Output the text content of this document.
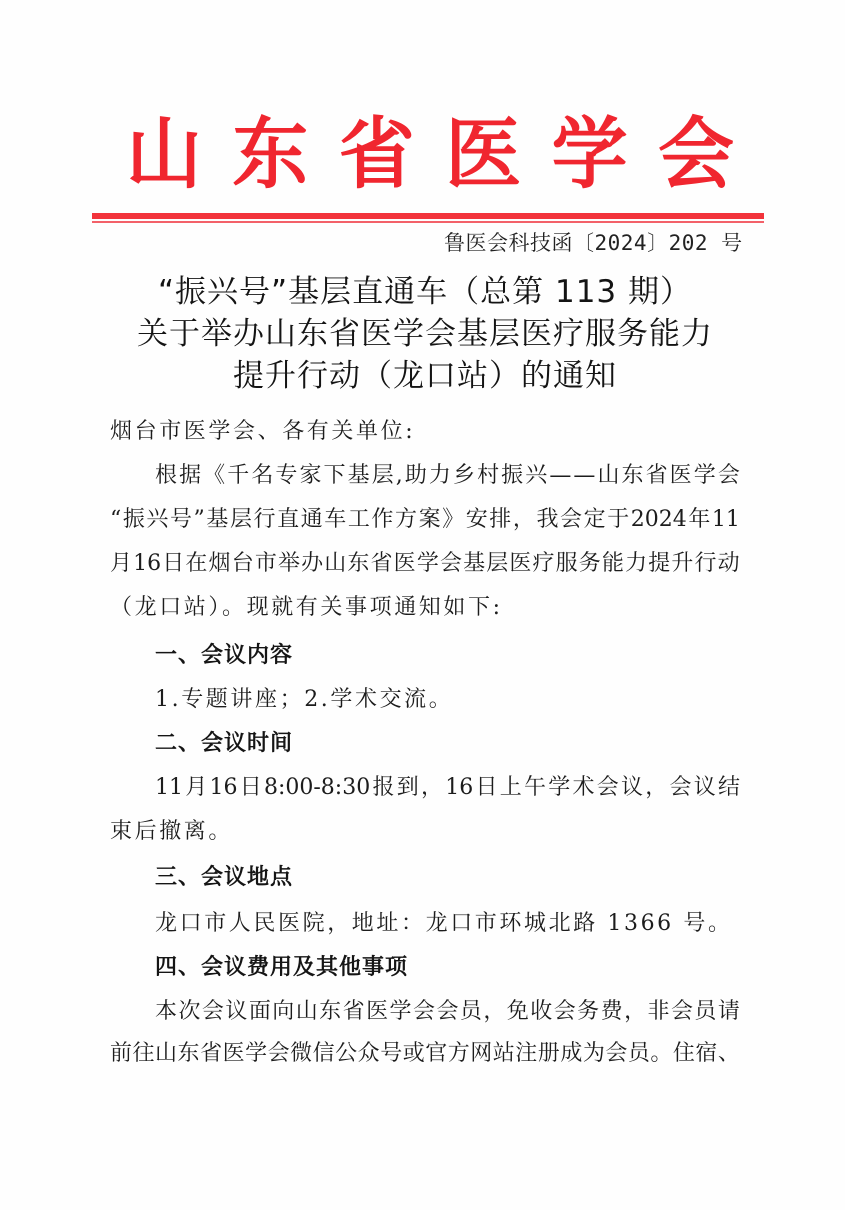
山 东 省 医 学 会
鲁医会科技函〔2024〕202 号
“振兴号”基层直通车（总第 113 期）
关于举办山东省医学会基层医疗服务能力
提升行动（龙口站）的通知
烟台市医学会、各有关单位:
根 据 《 千 名 专 家 下 基 层 , 助 力 乡 村 振 兴 — — 山 东 省 医 学 会
“ 振 兴 号 ” 基 层 行 直 通 车 工 作 方 案 》 安 排 ， 我 会 定 于 2024 年 11
月 16 日 在 烟 台 市 举 办 山 东 省 医 学 会 基 层 医 疗 服 务 能 力 提 升 行 动
（龙口站）。现就有关事项通知如下:
一、会议内容
1.专题讲座；2.学术交流。
二、会议时间
11 月 16 日 8:00-8:30 报 到 ， 16 日 上 午 学 术 会 议 ， 会 议 结
束后撤离。
三、会议地点
龙口市人民医院，地址：龙口市环城北路 1366 号。
四、会议费用及其他事项
本 次 会 议 面 向 山 东 省 医 学 会 会 员 ， 免 收 会 务 费 ， 非 会 员 请
前 往 山 东 省 医 学 会 微 信 公 众 号 或 官 方 网 站 注 册 成 为 会 员 。 住 宿 、
